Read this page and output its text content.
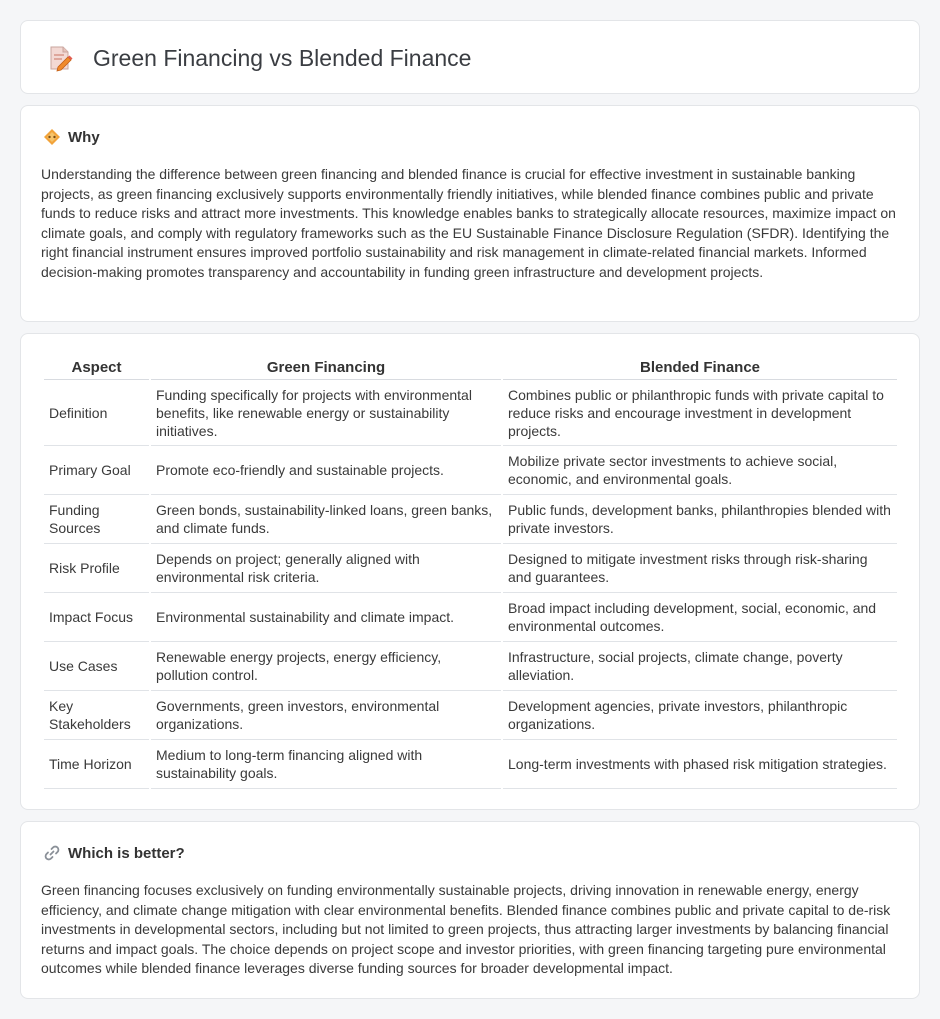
Green Financing vs Blended Finance
Why

Understanding the difference between green financing and blended finance is crucial for effective investment in sustainable banking projects, as green financing exclusively supports environmentally friendly initiatives, while blended finance combines public and private funds to reduce risks and attract more investments. This knowledge enables banks to strategically allocate resources, maximize impact on climate goals, and comply with regulatory frameworks such as the EU Sustainable Finance Disclosure Regulation (SFDR). Identifying the right financial instrument ensures improved portfolio sustainability and risk management in climate-related financial markets. Informed decision-making promotes transparency and accountability in funding green infrastructure and development projects.

Aspect	Green Financing	Blended Finance
Definition	Funding specifically for projects with environmental benefits, like renewable energy or sustainability initiatives.	Combines public or philanthropic funds with private capital to reduce risks and encourage investment in development projects.
Primary Goal	Promote eco-friendly and sustainable projects.	Mobilize private sector investments to achieve social, economic, and environmental goals.
Funding Sources	Green bonds, sustainability-linked loans, green banks, and climate funds.	Public funds, development banks, philanthropies blended with private investors.
Risk Profile	Depends on project; generally aligned with environmental risk criteria.	Designed to mitigate investment risks through risk-sharing and guarantees.
Impact Focus	Environmental sustainability and climate impact.	Broad impact including development, social, economic, and environmental outcomes.
Use Cases	Renewable energy projects, energy efficiency, pollution control.	Infrastructure, social projects, climate change, poverty alleviation.
Key Stakeholders	Governments, green investors, environmental organizations.	Development agencies, private investors, philanthropic organizations.
Time Horizon	Medium to long-term financing aligned with sustainability goals.	Long-term investments with phased risk mitigation strategies.
Which is better?

Green financing focuses exclusively on funding environmentally sustainable projects, driving innovation in renewable energy, energy efficiency, and climate change mitigation with clear environmental benefits. Blended finance combines public and private capital to de-risk investments in developmental sectors, including but not limited to green projects, thus attracting larger investments by balancing financial returns and impact goals. The choice depends on project scope and investor priorities, with green financing targeting pure environmental outcomes while blended finance leverages diverse funding sources for broader developmental impact.
